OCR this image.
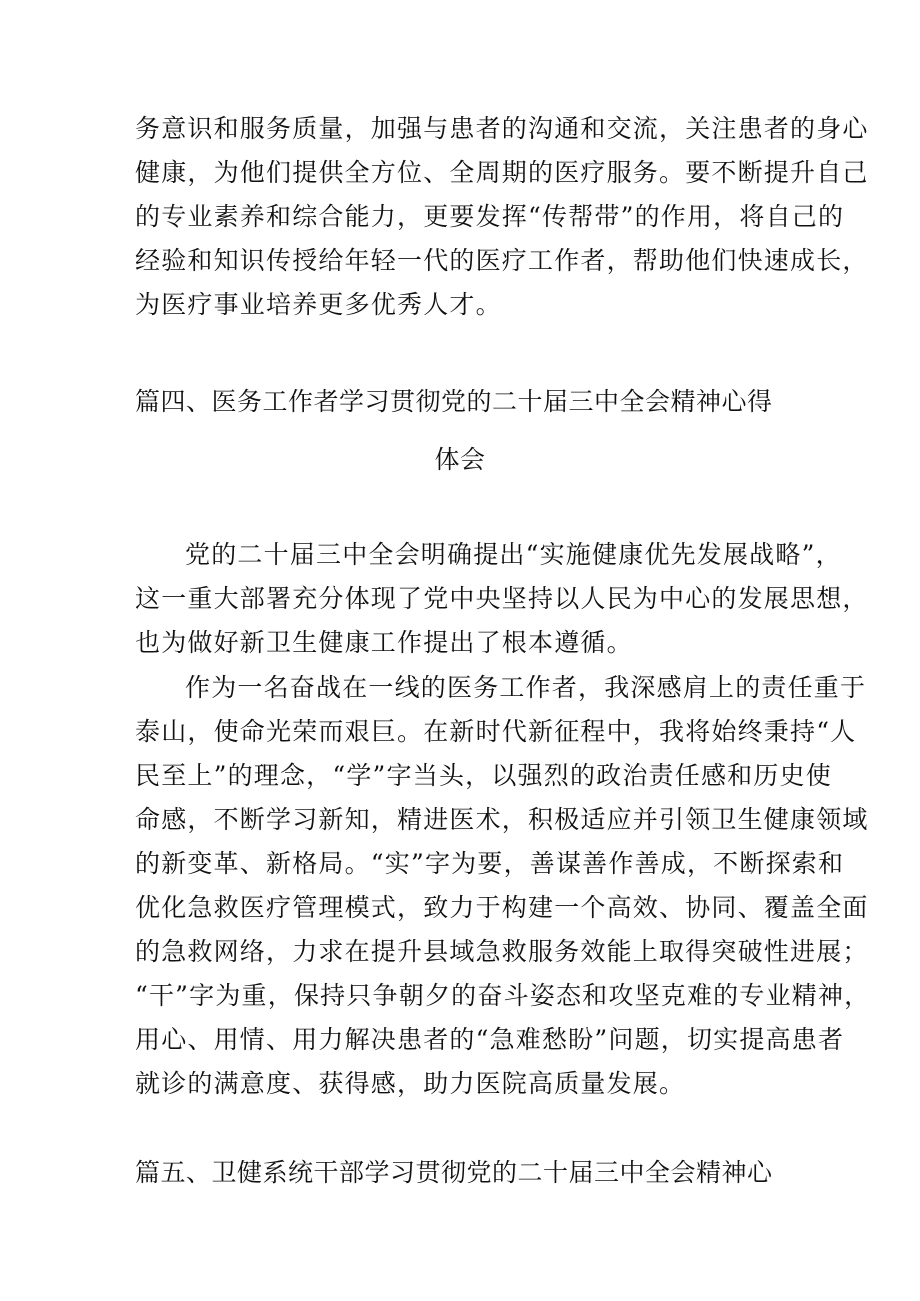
务意识和服务质量，加强与患者的沟通和交流，关注患者的身心
健康，为他们提供全方位、全周期的医疗服务。要不断提升自己
的专业素养和综合能力，更要发挥“传帮带”的作用，将自己的
经验和知识传授给年轻一代的医疗工作者，帮助他们快速成长，
为医疗事业培养更多优秀人才。
篇四、医务工作者学习贯彻党的二十届三中全会精神心得
体会
党的二十届三中全会明确提出“实施健康优先发展战略”，
这一重大部署充分体现了党中央坚持以人民为中心的发展思想，
也为做好新卫生健康工作提出了根本遵循。
作为一名奋战在一线的医务工作者，我深感肩上的责任重于
泰山，使命光荣而艰巨。在新时代新征程中，我将始终秉持“人
民至上”的理念，“学”字当头，以强烈的政治责任感和历史使
命感，不断学习新知，精进医术，积极适应并引领卫生健康领域
的新变革、新格局。“实”字为要，善谋善作善成，不断探索和
优化急救医疗管理模式，致力于构建一个高效、协同、覆盖全面
的急救网络，力求在提升县域急救服务效能上取得突破性进展；
“干”字为重，保持只争朝夕的奋斗姿态和攻坚克难的专业精神，
用心、用情、用力解决患者的“急难愁盼”问题，切实提高患者
就诊的满意度、获得感，助力医院高质量发展。
篇五、卫健系统干部学习贯彻党的二十届三中全会精神心
